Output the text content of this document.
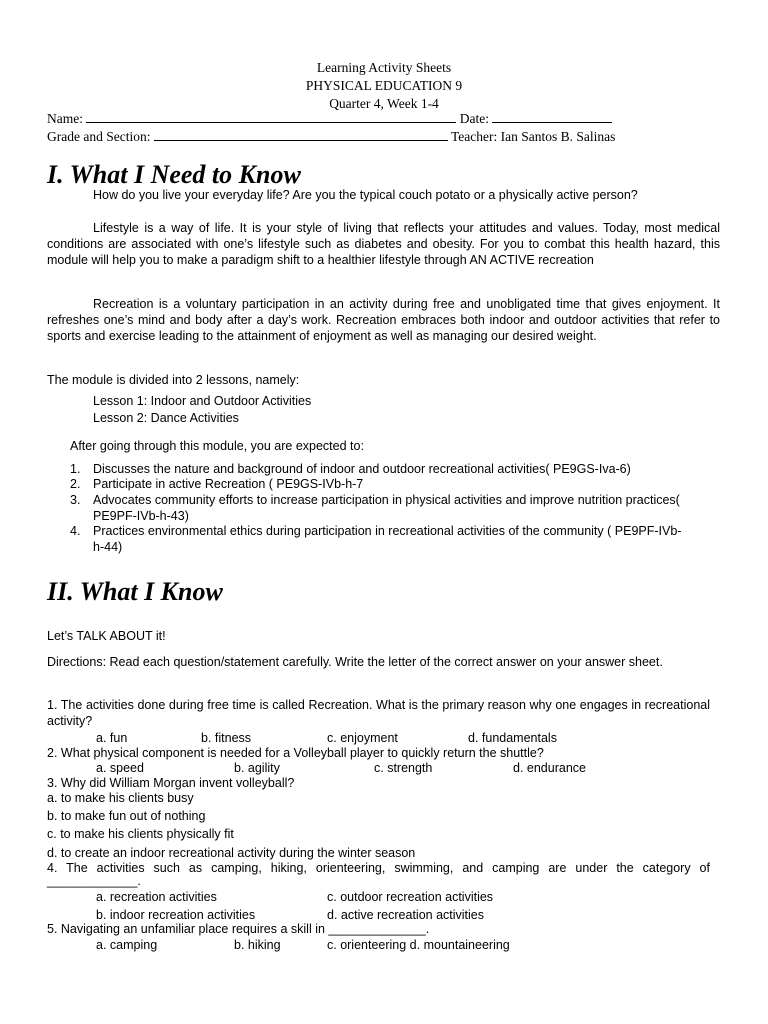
Learning Activity Sheets
PHYSICAL EDUCATION 9
Quarter 4, Week 1-4
Name:	Date:
Grade and Section:	Teacher: Ian Santos B. Salinas
I. What I Need to Know
How do you live your everyday life? Are you the typical couch potato or a physically active person?
Lifestyle is a way of life. It is your style of living that reflects your attitudes and values. Today, most medical conditions are associated with one’s lifestyle such as diabetes and obesity. For you to combat this health hazard, this module will help you to make a paradigm shift to a healthier lifestyle through AN ACTIVE recreation
Recreation is a voluntary participation in an activity during free and unobligated time that gives enjoyment. It refreshes one’s mind and body after a day’s work. Recreation embraces both indoor and outdoor activities that refer to sports and exercise leading to the attainment of enjoyment as well as managing our desired weight.
The module is divided into 2 lessons, namely:
Lesson 1: Indoor and Outdoor Activities
Lesson 2: Dance Activities
After going through this module, you are expected to:
1. Discusses the nature and background of indoor and outdoor recreational activities( PE9GS-Iva-6)
2. Participate in active Recreation ( PE9GS-IVb-h-7
3. Advocates community efforts to increase participation in physical activities and improve nutrition practices( PE9PF-IVb-h-43)
4. Practices environmental ethics during participation in recreational activities of the community ( PE9PF-IVb-h-44)
II. What I Know
Let’s TALK ABOUT it!
Directions: Read each question/statement carefully. Write the letter of the correct answer on your answer sheet.
1. The activities done during free time is called Recreation. What is the primary reason why one engages in recreational activity?
a. fun	b. fitness	c. enjoyment	d. fundamentals
2. What physical component is needed for a Volleyball player to quickly return the shuttle?
a. speed	b. agility	c. strength	d. endurance
3. Why did William Morgan invent volleyball?
a. to make his clients busy
b. to make fun out of nothing
c. to make his clients physically fit
d. to create an indoor recreational activity during the winter season
4. The activities such as camping, hiking, orienteering, swimming, and camping are under the category of
_____________.
a. recreation activities	c. outdoor recreation activities
b. indoor recreation activities	d. active recreation activities
5. Navigating an unfamiliar place requires a skill in ______________.
a. camping	b. hiking	c. orienteering d. mountaineering
